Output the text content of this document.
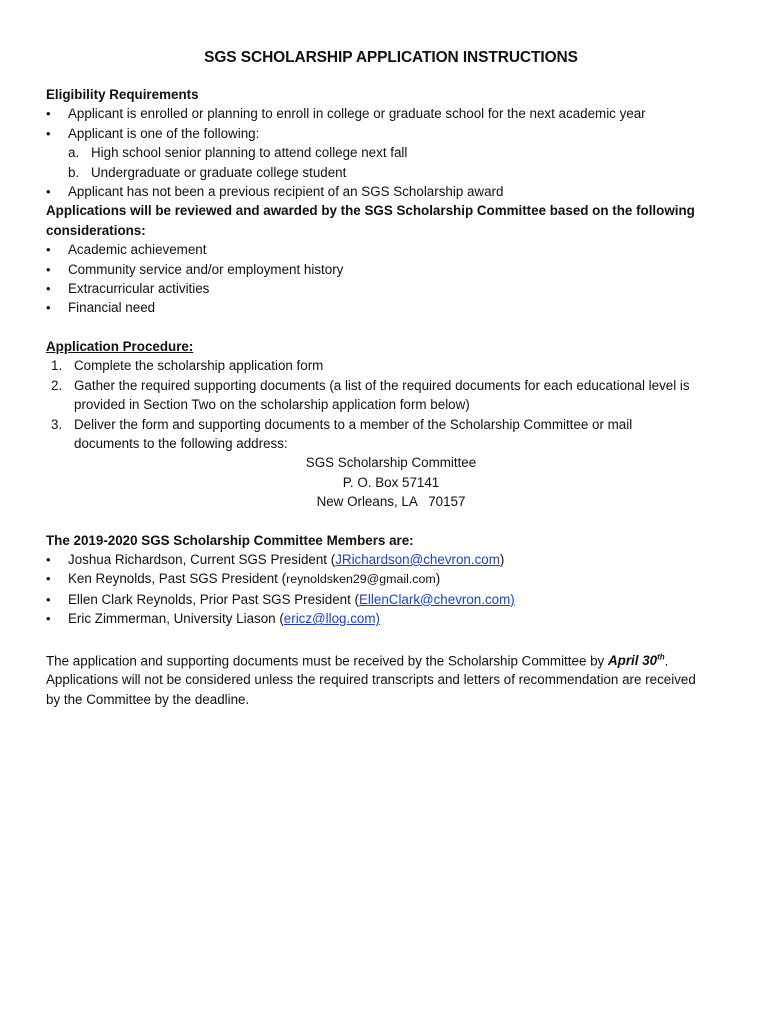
SGS SCHOLARSHIP APPLICATION INSTRUCTIONS
Eligibility Requirements
• Applicant is enrolled or planning to enroll in college or graduate school for the next academic year
• Applicant is one of the following:
a. High school senior planning to attend college next fall
b. Undergraduate or graduate college student
• Applicant has not been a previous recipient of an SGS Scholarship award
Applications will be reviewed and awarded by the SGS Scholarship Committee based on the following considerations:
• Academic achievement
• Community service and/or employment history
• Extracurricular activities
• Financial need
Application Procedure:
1. Complete the scholarship application form
2. Gather the required supporting documents (a list of the required documents for each educational level is provided in Section Two on the scholarship application form below)
3. Deliver the form and supporting documents to a member of the Scholarship Committee or mail documents to the following address:
SGS Scholarship Committee
P. O. Box 57141
New Orleans, LA   70157
The 2019-2020 SGS Scholarship Committee Members are:
• Joshua Richardson, Current SGS President (JRichardson@chevron.com)
• Ken Reynolds, Past SGS President (reynoldsken29@gmail.com)
• Ellen Clark Reynolds, Prior Past SGS President (EllenClark@chevron.com)
• Eric Zimmerman, University Liason (ericz@llog.com)
The application and supporting documents must be received by the Scholarship Committee by April 30th. Applications will not be considered unless the required transcripts and letters of recommendation are received by the Committee by the deadline.
